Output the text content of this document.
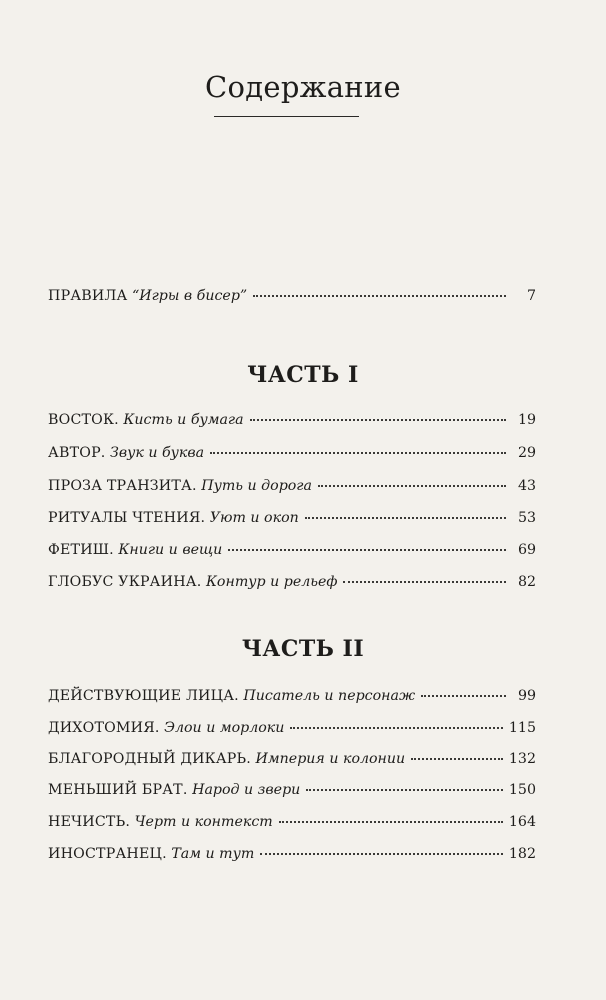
Содержание
ПРАВИЛА “Игры в бисер”	7
ЧАСТЬ I
ВОСТОК. Кисть и бумага	19
АВТОР. Звук и буква	29
ПРОЗА ТРАНЗИТА. Путь и дорога	43
РИТУАЛЫ ЧТЕНИЯ. Уют и окоп	53
ФЕТИШ. Книги и вещи	69
ГЛОБУС УКРАИНА. Контур и рельеф	82
ЧАСТЬ II
ДЕЙСТВУЮЩИЕ ЛИЦА. Писатель и персонаж	99
ДИХОТОМИЯ. Элои и морлоки	115
БЛАГОРОДНЫЙ ДИКАРЬ. Империя и колонии	132
МЕНЬШИЙ БРАТ. Народ и звери	150
НЕЧИСТЬ. Черт и контекст	164
ИНОСТРАНЕЦ. Там и тут	182
